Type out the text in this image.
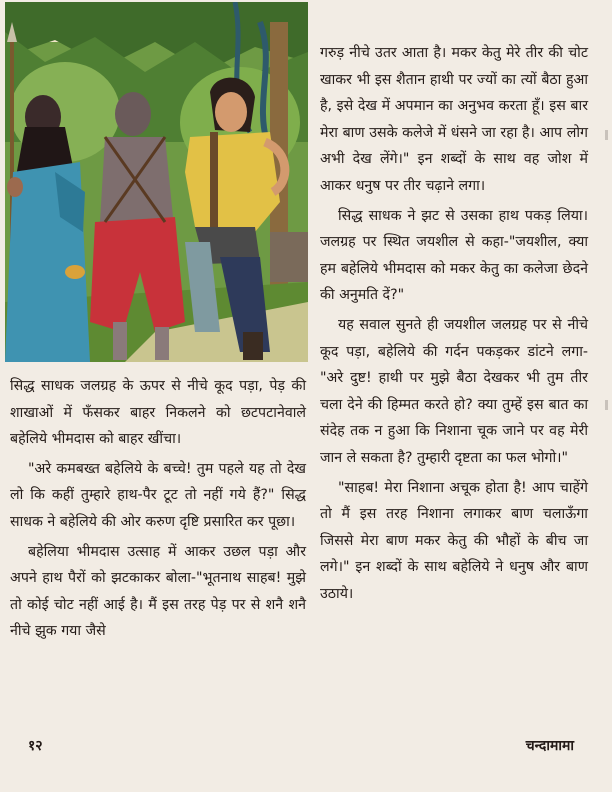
गरुड़ नीचे उतर आता है। मकर केतु मेरे तीर की चोट खाकर भी इस शैतान हाथी पर ज्यों का त्यों बैठा हुआ है, इसे देख में अपमान का अनुभव करता हूँ। इस बार मेरा बाण उसके कलेजे में धंसने जा रहा है। आप लोग अभी देख लेंगे।" इन शब्दों के साथ वह जोश में आकर धनुष पर तीर चढ़ाने लगा।

सिद्ध साधक ने झट से उसका हाथ पकड़ लिया। जलग्रह पर स्थित जयशील से कहा-"जयशील, क्या हम बहेलिये भीमदास को मकर केतु का कलेजा छेदने की अनुमति दें?"

यह सवाल सुनते ही जयशील जलग्रह पर से नीचे कूद पड़ा, बहेलिये की गर्दन पकड़कर डांटने लगा-"अरे दुष्ट! हाथी पर मुझे बैठा देखकर भी तुम तीर चला देने की हिम्मत करते हो? क्या तुम्हें इस बात का संदेह तक न हुआ कि निशाना चूक जाने पर वह मेरी जान ले सकता है? तुम्हारी दृष्टता का फल भोगो।"

"साहब! मेरा निशाना अचूक होता है! आप चाहेंगे तो मैं इस तरह निशाना लगाकर बाण चलाऊँगा जिससे मेरा बाण मकर केतु की भौहों के बीच जा लगे।" इन शब्दों के साथ बहेलिये ने धनुष और बाण उठाये।

सिद्ध साधक जलग्रह के ऊपर से नीचे कूद पड़ा, पेड़ की शाखाओं में फँसकर बाहर निकलने को छटपटानेवाले बहेलिये भीमदास को बाहर खींचा।

"अरे कमबख्त बहेलिये के बच्चे! तुम पहले यह तो देख लो कि कहीं तुम्हारे हाथ-पैर टूट तो नहीं गये हैं?" सिद्ध साधक ने बहेलिये की ओर करुण दृष्टि प्रसारित कर पूछा।

बहेलिया भीमदास उत्साह में आकर उछल पड़ा और अपने हाथ पैरों को झटकाकर बोला-"भूतनाथ साहब! मुझे तो कोई चोट नहीं आई है। मैं इस तरह पेड़ पर से शनै शनै नीचे झुक गया जैसे

१२	चन्दामामा
